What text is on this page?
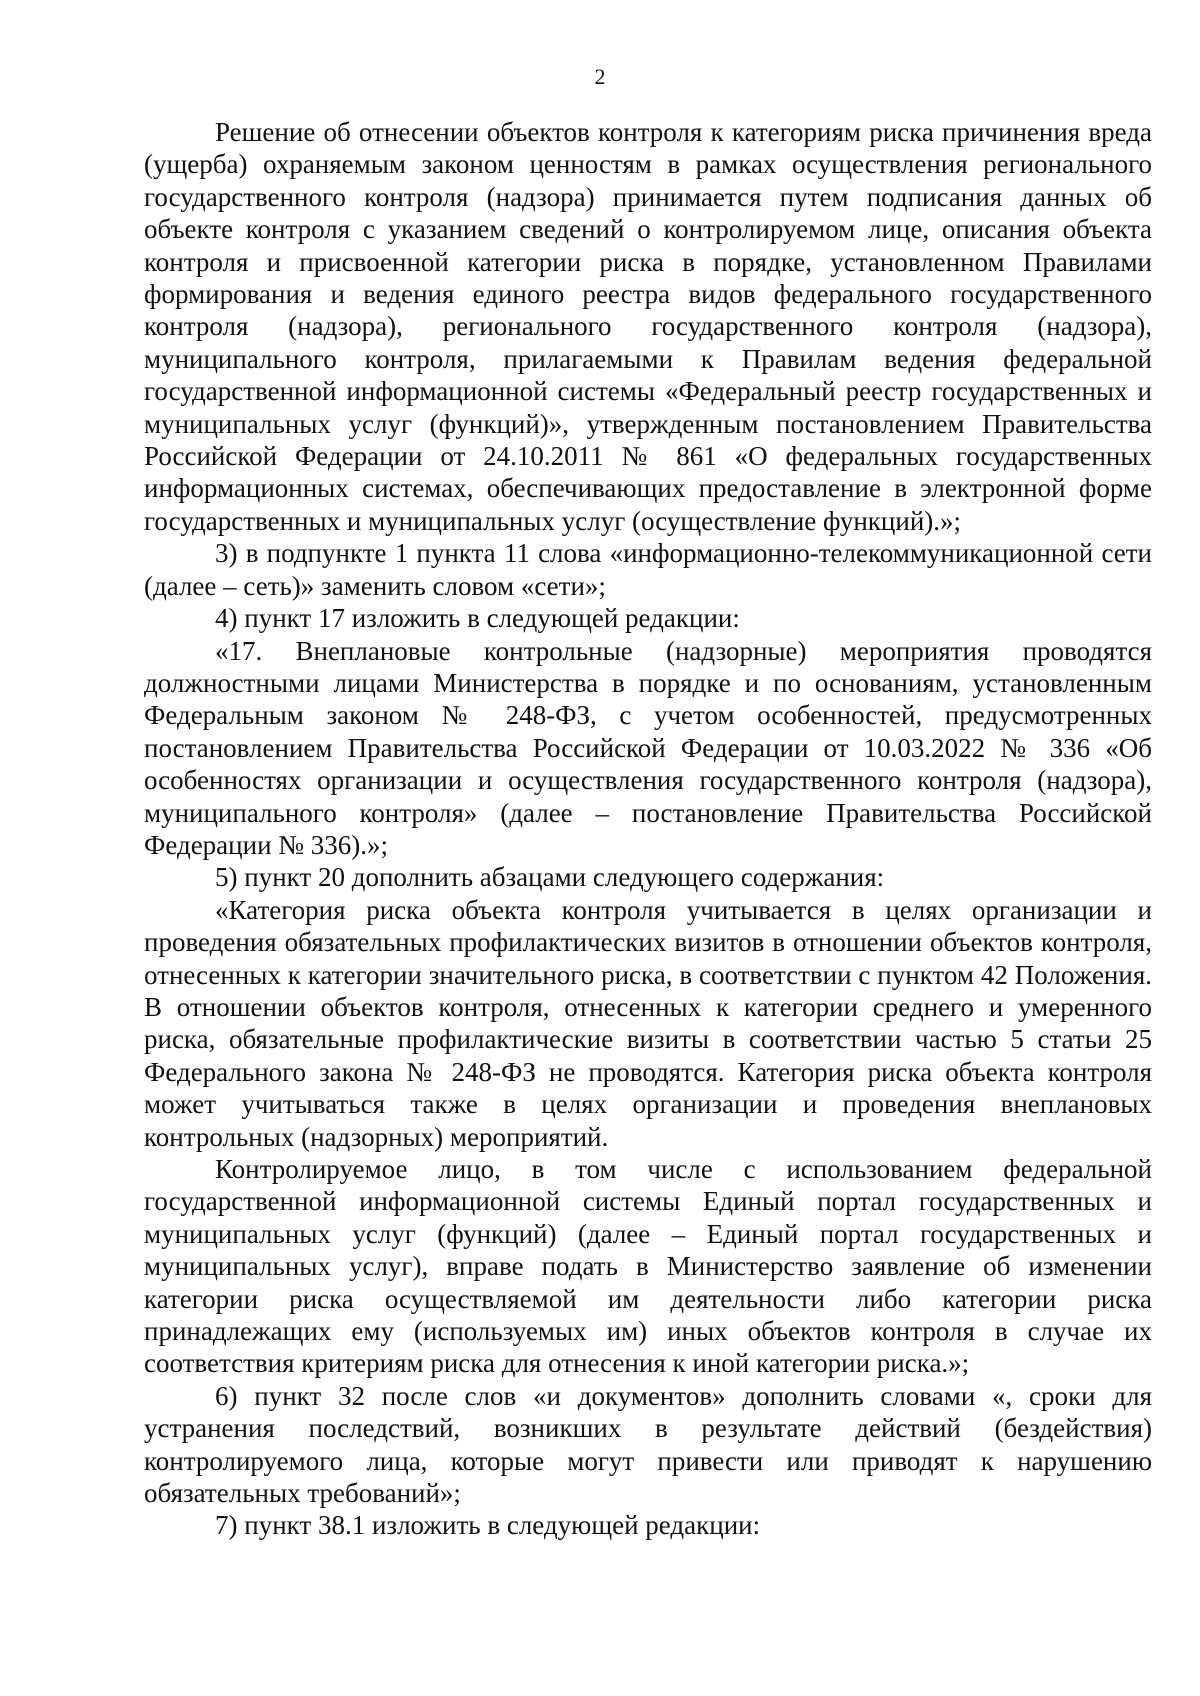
2

Решение об отнесении объектов контроля к категориям риска причинения вреда (ущерба) охраняемым законом ценностям в рамках осуществления регионального государственного контроля (надзора) принимается путем подписания данных об объекте контроля с указанием сведений о контролируемом лице, описания объекта контроля и присвоенной категории риска в порядке, установленном Правилами формирования и ведения единого реестра видов федерального государственного контроля (надзора), регионального государственного контроля (надзора), муниципального контроля, прилагаемыми к Правилам ведения федеральной государственной информационной системы «Федеральный реестр государственных и муниципальных услуг (функций)», утвержденным постановлением Правительства Российской Федерации от 24.10.2011 № 861 «О федеральных государственных информационных системах, обеспечивающих предоставление в электронной форме государственных и муниципальных услуг (осуществление функций).»;

3) в подпункте 1 пункта 11 слова «информационно-телекоммуникационной сети (далее – сеть)» заменить словом «сети»;

4) пункт 17 изложить в следующей редакции:

«17. Внеплановые контрольные (надзорные) мероприятия проводятся должностными лицами Министерства в порядке и по основаниям, установленным Федеральным законом № 248-ФЗ, с учетом особенностей, предусмотренных постановлением Правительства Российской Федерации от 10.03.2022 № 336 «Об особенностях организации и осуществления государственного контроля (надзора), муниципального контроля» (далее – постановление Правительства Российской Федерации № 336).»;

5) пункт 20 дополнить абзацами следующего содержания:

«Категория риска объекта контроля учитывается в целях организации и проведения обязательных профилактических визитов в отношении объектов контроля, отнесенных к категории значительного риска, в соответствии с пунктом 42 Положения. В отношении объектов контроля, отнесенных к категории среднего и умеренного риска, обязательные профилактические визиты в соответствии частью 5 статьи 25 Федерального закона № 248-ФЗ не проводятся. Категория риска объекта контроля может учитываться также в целях организации и проведения внеплановых контрольных (надзорных) мероприятий.

Контролируемое лицо, в том числе с использованием федеральной государственной информационной системы Единый портал государственных и муниципальных услуг (функций) (далее – Единый портал государственных и муниципальных услуг), вправе подать в Министерство заявление об изменении категории риска осуществляемой им деятельности либо категории риска принадлежащих ему (используемых им) иных объектов контроля в случае их соответствия критериям риска для отнесения к иной категории риска.»;

6) пункт 32 после слов «и документов» дополнить словами «, сроки для устранения последствий, возникших в результате действий (бездействия) контролируемого лица, которые могут привести или приводят к нарушению обязательных требований»;

7) пункт 38.1 изложить в следующей редакции:
